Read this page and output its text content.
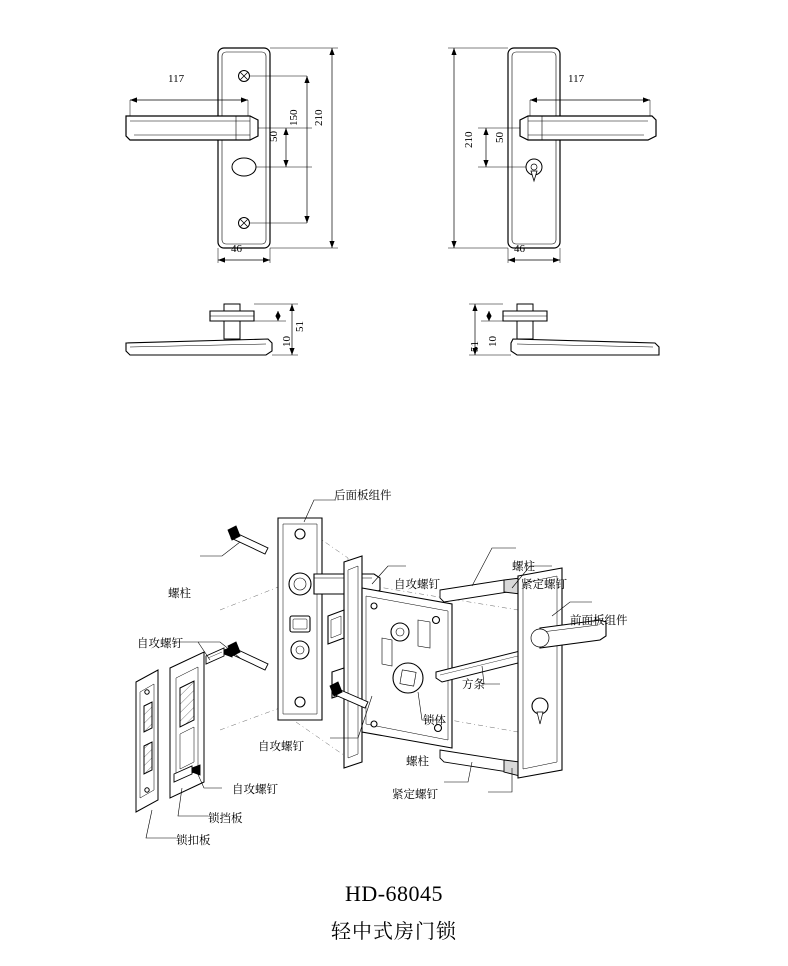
117
210
150
50
46
117
210 50
46
51
10	51 10
后面板组件
自攻螺钉
螺柱
紧定螺钉
前面板组件
螺柱
自攻螺钉
方条
锁体
自攻螺钉
螺柱
紧定螺钉
自攻螺钉
锁挡板
锁扣板
HD-68045
轻中式房门锁
